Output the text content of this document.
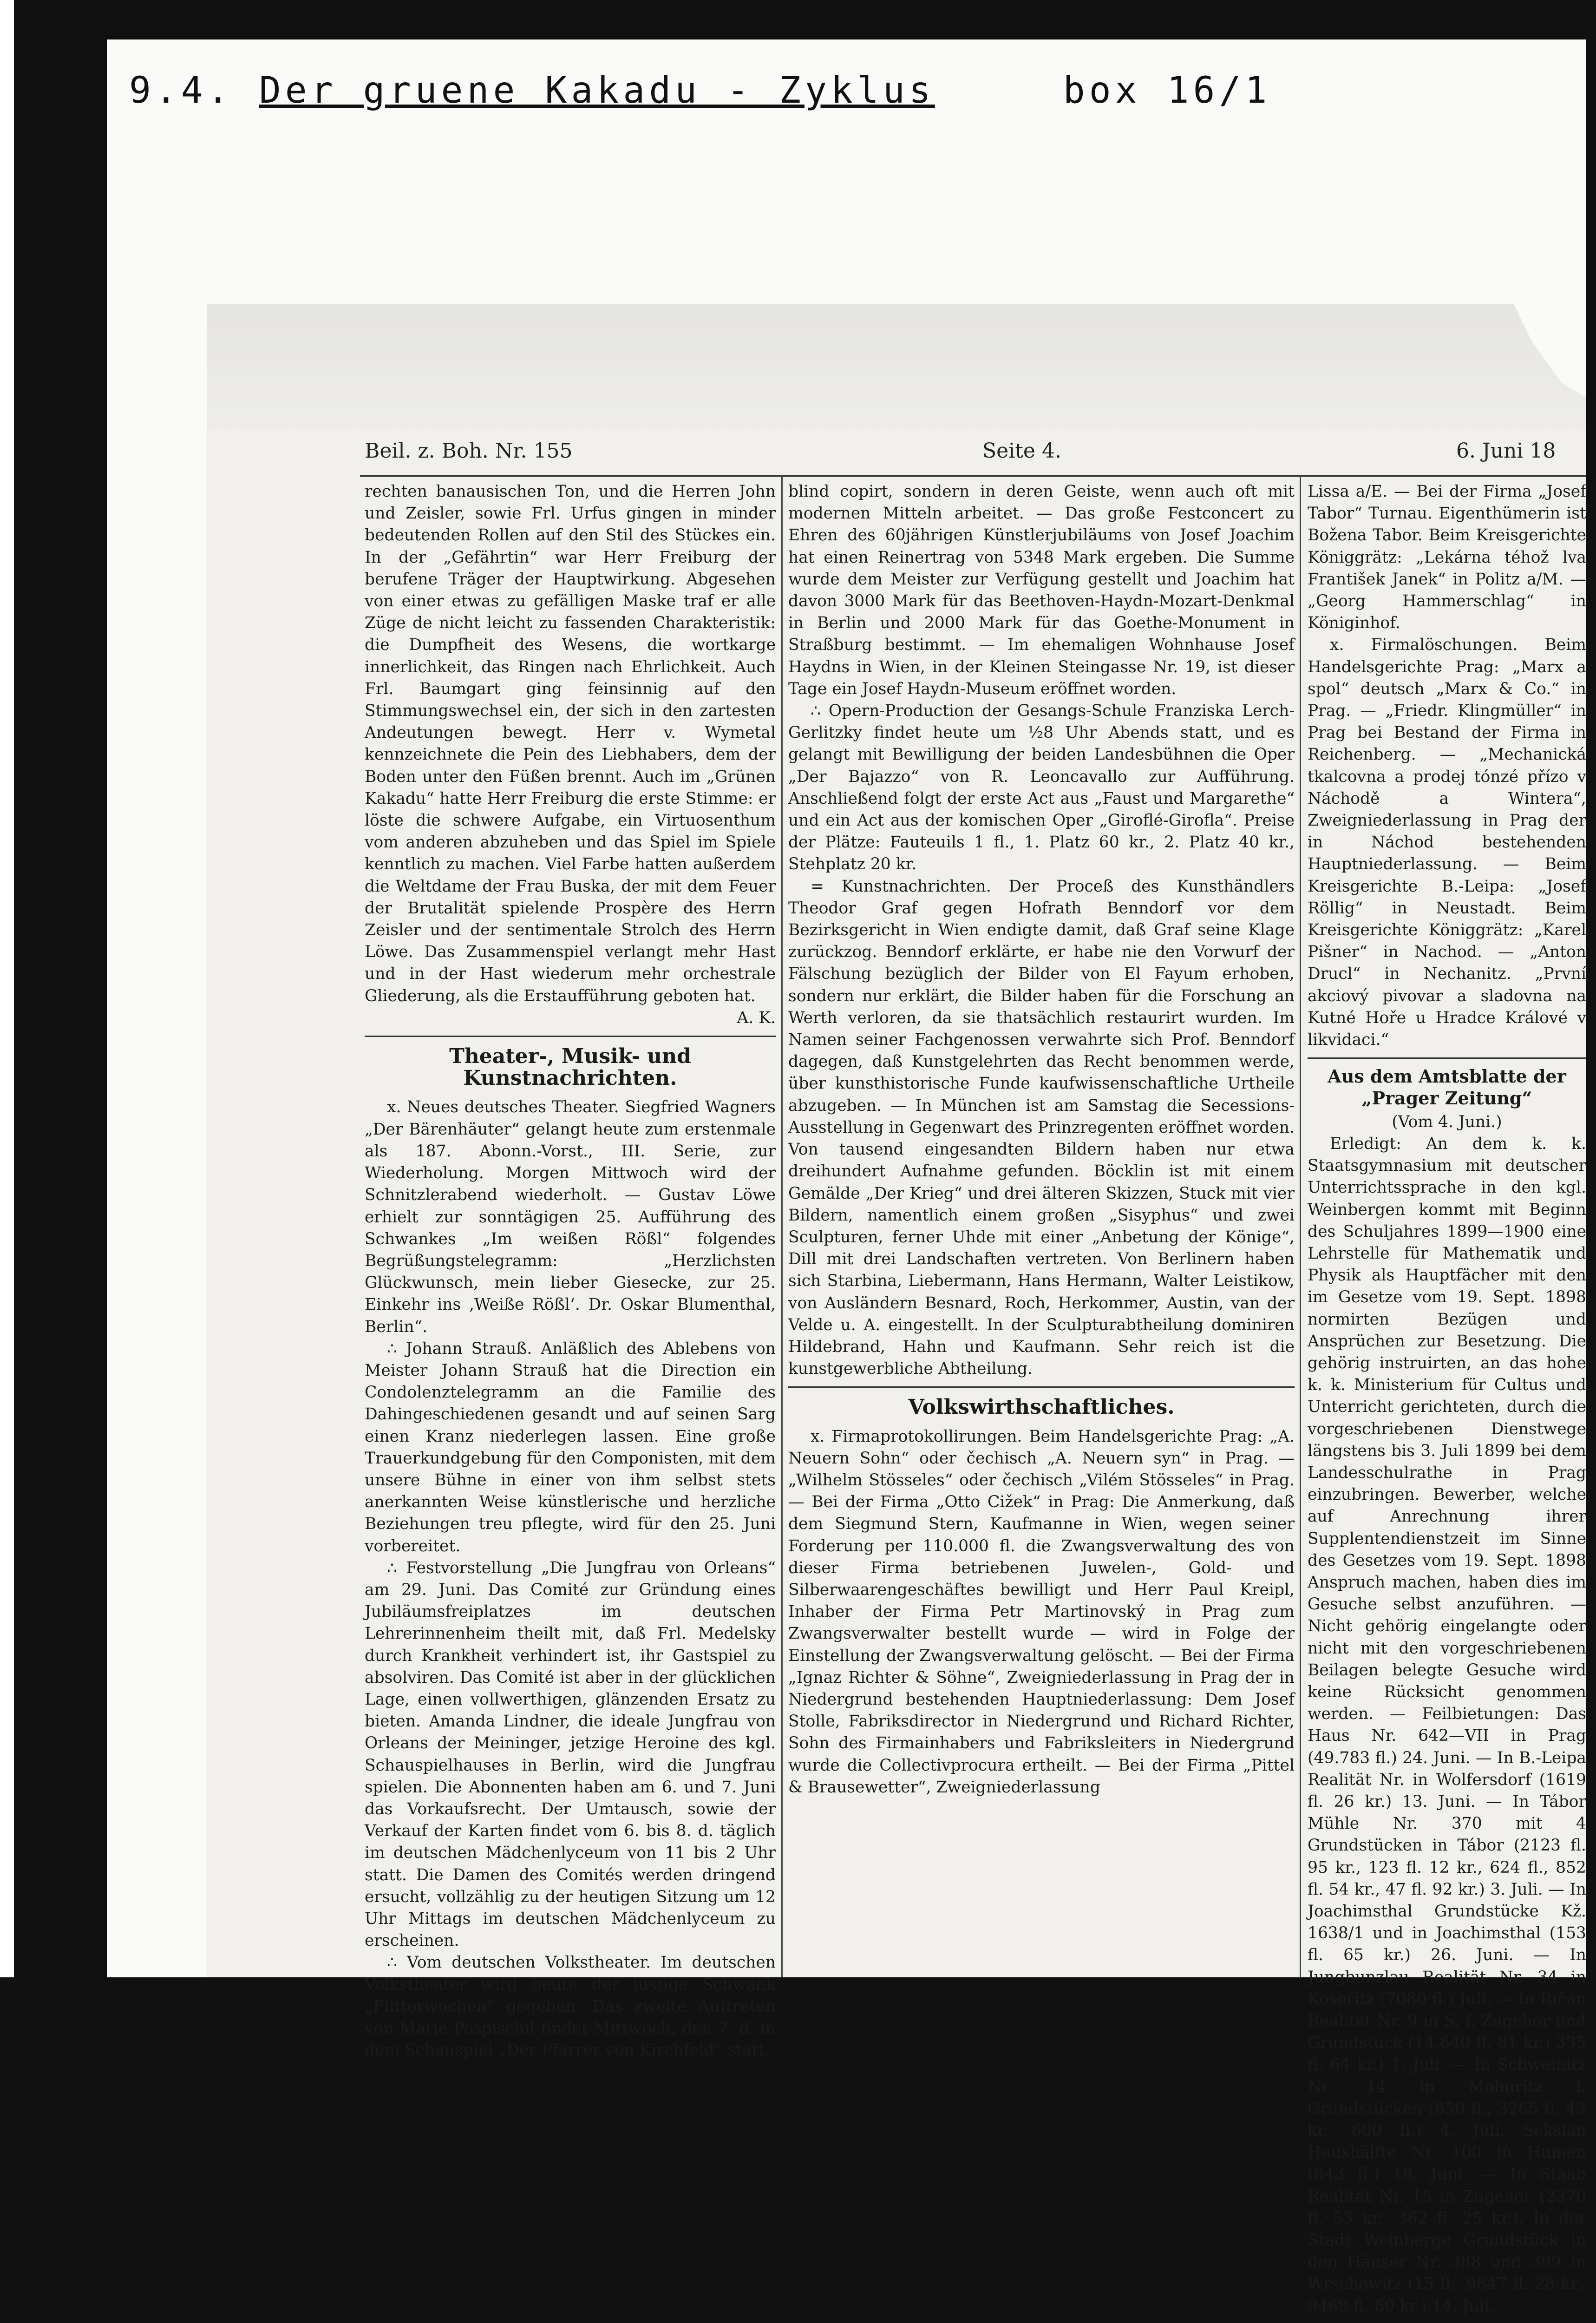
9.4. Der gruene Kakadu - Zyklus	box 16/1
Beil. z. Boh. Nr. 155	Seite 4.	6. Juni 18

rechten banausischen Ton, und die Herren John und Zeisler, sowie Frl. Urfus gingen in minder bedeutenden Rollen auf den Stil des Stückes ein. In der „Gefährtin“ war Herr Freiburg der berufene Träger der Hauptwirkung. Abgesehen von einer etwas zu gefälligen Maske traf er alle Züge de nicht leicht zu fassenden Charakteristik: die Dumpfheit des Wesens, die wortkarge innerlichkeit, das Ringen nach Ehrlichkeit. Auch Frl. Baumgart ging feinsinnig auf den Stimmungswechsel ein, der sich in den zartesten Andeutungen bewegt. Herr v. Wymetal kennzeichnete die Pein des Liebhabers, dem der Boden unter den Füßen brennt. Auch im „Grünen Kakadu“ hatte Herr Freiburg die erste Stimme: er löste die schwere Aufgabe, ein Virtuosenthum vom anderen abzuheben und das Spiel im Spiele kenntlich zu machen. Viel Farbe hatten außerdem die Weltdame der Frau Buska, der mit dem Feuer der Brutalität spielende Prospère des Herrn Zeisler und der sentimentale Strolch des Herrn Löwe. Das Zusammenspiel verlangt mehr Hast und in der Hast wiederum mehr orchestrale Gliederung, als die Erstaufführung geboten hat.

A. K.
Theater-, Musik- und Kunstnachrichten.

x. Neues deutsches Theater. Siegfried Wagners „Der Bärenhäuter“ gelangt heute zum erstenmale als 187. Abonn.-Vorst., III. Serie, zur Wiederholung. Morgen Mittwoch wird der Schnitzlerabend wiederholt. — Gustav Löwe erhielt zur sonntägigen 25. Aufführung des Schwankes „Im weißen Rößl“ folgendes Begrüßungstelegramm: „Herzlichsten Glückwunsch, mein lieber Giesecke, zur 25. Einkehr ins ‚Weiße Rößl‘. Dr. Oskar Blumenthal, Berlin“.

∴ Johann Strauß. Anläßlich des Ablebens von Meister Johann Strauß hat die Direction ein Condolenztelegramm an die Familie des Dahingeschiedenen gesandt und auf seinen Sarg einen Kranz niederlegen lassen. Eine große Trauerkundgebung für den Componisten, mit dem unsere Bühne in einer von ihm selbst stets anerkannten Weise künstlerische und herzliche Beziehungen treu pflegte, wird für den 25. Juni vorbereitet.

∴ Festvorstellung „Die Jungfrau von Orleans“ am 29. Juni. Das Comité zur Gründung eines Jubiläumsfreiplatzes im deutschen Lehrerinnenheim theilt mit, daß Frl. Medelsky durch Krankheit verhindert ist, ihr Gastspiel zu absolviren. Das Comité ist aber in der glücklichen Lage, einen vollwerthigen, glänzenden Ersatz zu bieten. Amanda Lindner, die ideale Jungfrau von Orleans der Meininger, jetzige Heroine des kgl. Schauspielhauses in Berlin, wird die Jungfrau spielen. Die Abonnenten haben am 6. und 7. Juni das Vorkaufsrecht. Der Umtausch, sowie der Verkauf der Karten findet vom 6. bis 8. d. täglich im deutschen Mädchenlyceum von 11 bis 2 Uhr statt. Die Damen des Comités werden dringend ersucht, vollzählig zu der heutigen Sitzung um 12 Uhr Mittags im deutschen Mädchenlyceum zu erscheinen.

∴ Vom deutschen Volkstheater. Im deutschen Volkstheater wird heute der lustige Schwank „Flitterwochen“ gegeben. Das zweite Auftreten von Marie Pospischil findet Mittwoch, den 7. d. in dem Schauspiel „Der Pfarrer von Kirchfeld“ statt.

blind copirt, sondern in deren Geiste, wenn auch oft mit modernen Mitteln arbeitet. — Das große Festconcert zu Ehren des 60jährigen Künstlerjubiläums von Josef Joachim hat einen Reinertrag von 5348 Mark ergeben. Die Summe wurde dem Meister zur Verfügung gestellt und Joachim hat davon 3000 Mark für das Beethoven-Haydn-Mozart-Denkmal in Berlin und 2000 Mark für das Goethe-Monument in Straßburg bestimmt. — Im ehemaligen Wohnhause Josef Haydns in Wien, in der Kleinen Steingasse Nr. 19, ist dieser Tage ein Josef Haydn-Museum eröffnet worden.

∴ Opern-Production der Gesangs-Schule Franziska Lerch-Gerlitzky findet heute um ½8 Uhr Abends statt, und es gelangt mit Bewilligung der beiden Landesbühnen die Oper „Der Bajazzo“ von R. Leoncavallo zur Aufführung. Anschließend folgt der erste Act aus „Faust und Margarethe“ und ein Act aus der komischen Oper „Giroflé-Girofla“. Preise der Plätze: Fauteuils 1 fl., 1. Platz 60 kr., 2. Platz 40 kr., Stehplatz 20 kr.

= Kunstnachrichten. Der Proceß des Kunsthändlers Theodor Graf gegen Hofrath Benndorf vor dem Bezirksgericht in Wien endigte damit, daß Graf seine Klage zurückzog. Benndorf erklärte, er habe nie den Vorwurf der Fälschung bezüglich der Bilder von El Fayum erhoben, sondern nur erklärt, die Bilder haben für die Forschung an Werth verloren, da sie thatsächlich restaurirt wurden. Im Namen seiner Fachgenossen verwahrte sich Prof. Benndorf dagegen, daß Kunstgelehrten das Recht benommen werde, über kunsthistorische Funde kaufwissenschaftliche Urtheile abzugeben. — In München ist am Samstag die Secessions-Ausstellung in Gegenwart des Prinzregenten eröffnet worden. Von tausend eingesandten Bildern haben nur etwa dreihundert Aufnahme gefunden. Böcklin ist mit einem Gemälde „Der Krieg“ und drei älteren Skizzen, Stuck mit vier Bildern, namentlich einem großen „Sisyphus“ und zwei Sculpturen, ferner Uhde mit einer „Anbetung der Könige“, Dill mit drei Landschaften vertreten. Von Berlinern haben sich Starbina, Liebermann, Hans Hermann, Walter Leistikow, von Ausländern Besnard, Roch, Herkommer, Austin, van der Velde u. A. eingestellt. In der Sculpturabtheilung dominiren Hildebrand, Hahn und Kaufmann. Sehr reich ist die kunstgewerbliche Abtheilung.

Volkswirthschaftliches.

x. Firmaprotokollirungen. Beim Handelsgerichte Prag: „A. Neuern Sohn“ oder čechisch „A. Neuern syn“ in Prag. — „Wilhelm Stösseles“ oder čechisch „Vilém Stösseles“ in Prag. — Bei der Firma „Otto Cižek“ in Prag: Die Anmerkung, daß dem Siegmund Stern, Kaufmanne in Wien, wegen seiner Forderung per 110.000 fl. die Zwangsverwaltung des von dieser Firma betriebenen Juwelen-, Gold- und Silberwaarengeschäftes bewilligt und Herr Paul Kreipl, Inhaber der Firma Petr Martinovský in Prag zum Zwangsverwalter bestellt wurde — wird in Folge der Einstellung der Zwangsverwaltung gelöscht. — Bei der Firma „Ignaz Richter & Söhne“, Zweigniederlassung in Prag der in Niedergrund bestehenden Hauptniederlassung: Dem Josef Stolle, Fabriksdirector in Niedergrund und Richard Richter, Sohn des Firmainhabers und Fabriksleiters in Niedergrund wurde die Collectivprocura ertheilt. — Bei der Firma „Pittel & Brausewetter“, Zweigniederlassung

Lissa a/E. — Bei der Firma „Josef Tabor“ Turnau. Eigenthümerin ist Božena Tabor. Beim Kreisgerichte Königgrätz: „Lekárna téhož lva František Janek“ in Politz a/M. — „Georg Hammerschlag“ in Königinhof.

x. Firmalöschungen. Beim Handelsgerichte Prag: „Marx a spol“ deutsch „Marx & Co.“ in Prag. — „Friedr. Klingmüller“ in Prag bei Bestand der Firma in Reichenberg. — „Mechanická tkalcovna a prodej tónzé přízo v Náchodě a Wintera“, Zweigniederlassung in Prag der in Náchod bestehenden Hauptniederlassung. — Beim Kreisgerichte B.-Leipa: „Josef Röllig“ in Neustadt. Beim Kreisgerichte Königgrätz: „Karel Pišner“ in Nachod. — „Anton Drucl“ in Nechanitz. „První akciový pivovar a sladovna na Kutné Hoře u Hradce Králové v likvidaci.“

Aus dem Amtsblatte der „Prager Zeitung“
(Vom 4. Juni.)

Erledigt: An dem k. k. Staatsgymnasium mit deutscher Unterrichtssprache in den kgl. Weinbergen kommt mit Beginn des Schuljahres 1899—1900 eine Lehrstelle für Mathematik und Physik als Hauptfächer mit den im Gesetze vom 19. Sept. 1898 normirten Bezügen und Ansprüchen zur Besetzung. Die gehörig instruirten, an das hohe k. k. Ministerium für Cultus und Unterricht gerichteten, durch die vorgeschriebenen Dienstwege längstens bis 3. Juli 1899 bei dem Landesschulrathe in Prag einzubringen. Bewerber, welche auf Anrechnung ihrer Supplentendienstzeit im Sinne des Gesetzes vom 19. Sept. 1898 Anspruch machen, haben dies im Gesuche selbst anzuführen. — Nicht gehörig eingelangte oder nicht mit den vorgeschriebenen Beilagen belegte Gesuche wird keine Rücksicht genommen werden. — Feilbietungen: Das Haus Nr. 642—VII in Prag (49.783 fl.) 24. Juni. — In B.-Leipa Realität Nr. in Wolfersdorf (1619 fl. 26 kr.) 13. Juni. — In Tábor Mühle Nr. 370 mit 4 Grundstücken in Tábor (2123 fl. 95 kr., 123 fl. 12 kr., 624 fl., 852 fl. 54 kr., 47 fl. 92 kr.) 3. Juli. — In Joachimsthal Grundstücke Kž. 1638/1 und in Joachimsthal (153 fl. 65 kr.) 26. Juni. — In Jungbunzlau Realität Nr. 34 in Kosořitz (7080 fl.) Juli. — In Říčan Realität Nr. 9 in S. f. Zugehör und Grundstück (14.640 fl. 81 kr.) 335 fl. 64 kr.) 1. Juli. — In Schweinitz Nr. 14 in Mohuritz f. Grundstücken (850 fl., 3265 fl. 43 kr., 600 fl.) 4. Juli. Sekslan Haushälfte Nr. 100 in Humen (843 fl.) 18. Juni. — In Staab Realität Nr. 15 in Zugehör (2370 fl. 53 kr., 362 fl. 25 kr.). In der Stadt Weinberge Grundstück in den Häuser Nr. 388 und 399 in Wrschowitz (15 fl., 9847 fl. 28 kr., 9468 fl. 60 kr.) 14. Juli.
